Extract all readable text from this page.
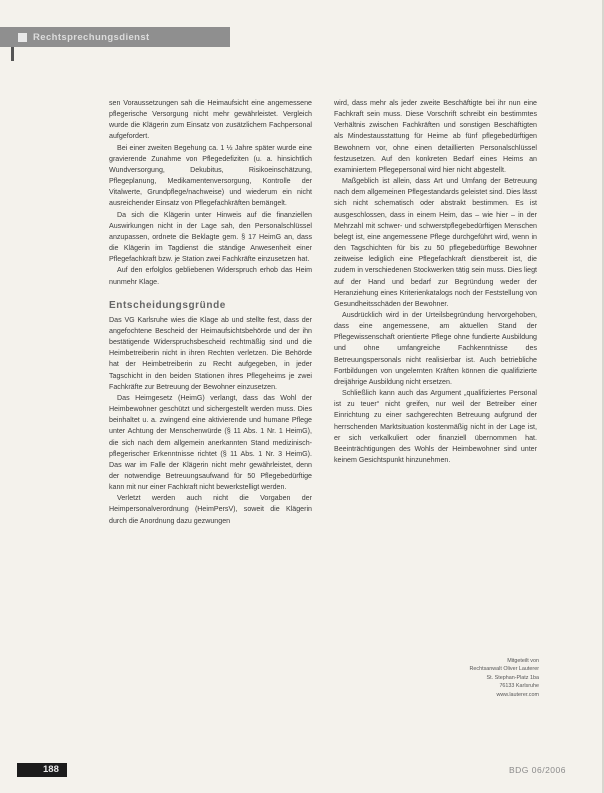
Rechtsprechungsdienst

sen Voraussetzungen sah die Heimaufsicht eine angemessene pflegerische Versorgung nicht mehr gewährleistet. Vergleich wurde die Klägerin zum Einsatz von zusätzlichem Fachpersonal aufgefordert.

Bei einer zweiten Begehung ca. 1 ½ Jahre später wurde eine gravierende Zunahme von Pflegedefiziten (u. a. hinsichtlich Wundversorgung, Dekubitus, Risikoeinschätzung, Pflegeplanung, Medikamentenversorgung, Kontrolle der Vitalwerte, Grundpflege/nachweise) und wiederum ein nicht ausreichender Einsatz von Pflegefachkräften bemängelt.

Da sich die Klägerin unter Hinweis auf die finanziellen Auswirkungen nicht in der Lage sah, den Personalschlüssel anzupassen, ordnete die Beklagte gem. § 17 HeimG an, dass die Klägerin im Tagdienst die ständige Anwesenheit einer Pflegefachkraft bzw. je Station zwei Fachkräfte einzusetzen hat.

Auf den erfolglos gebliebenen Widerspruch erhob das Heim nunmehr Klage.

Entscheidungsgründe

Das VG Karlsruhe wies die Klage ab und stellte fest, dass der angefochtene Bescheid der Heimaufsichtsbehörde und der ihn bestätigende Widerspruchsbescheid rechtmäßig sind und die Heimbetreiberin nicht in ihren Rechten verletzen. Die Behörde hat der Heimbetreiberin zu Recht aufgegeben, in jeder Tagschicht in den beiden Stationen ihres Pflegeheims je zwei Fachkräfte zur Betreuung der Bewohner einzusetzen.

Das Heimgesetz (HeimG) verlangt, dass das Wohl der Heimbewohner geschützt und sichergestellt werden muss. Dies beinhaltet u. a. zwingend eine aktivierende und humane Pflege unter Achtung der Menschenwürde (§ 11 Abs. 1 Nr. 1 HeimG), die sich nach dem allgemein anerkannten Stand medizinisch-pflegerischer Erkenntnisse richtet (§ 11 Abs. 1 Nr. 3 HeimG). Das war im Falle der Klägerin nicht mehr gewährleistet, denn der notwendige Betreuungsaufwand für 50 Pflegebedürftige kann mit nur einer Fachkraft nicht bewerkstelligt werden.

Verletzt werden auch nicht die Vorgaben der Heimpersonalverordnung (HeimPersV), soweit die Klägerin durch die Anordnung dazu gezwungen

wird, dass mehr als jeder zweite Beschäftigte bei ihr nun eine Fachkraft sein muss. Diese Vorschrift schreibt ein bestimmtes Verhältnis zwischen Fachkräften und sonstigen Beschäftigten als Mindestausstattung für Heime ab fünf pflegebedürftigen Bewohnern vor, ohne einen detaillierten Personalschlüssel festzusetzen. Auf den konkreten Bedarf eines Heims an examiniertem Pflegepersonal wird hier nicht abgestellt.

Maßgeblich ist allein, dass Art und Umfang der Betreuung nach dem allgemeinen Pflegestandards geleistet sind. Dies lässt sich nicht schematisch oder abstrakt bestimmen. Es ist ausgeschlossen, dass in einem Heim, das – wie hier – in der Mehrzahl mit schwer- und schwerstpflegebedürftigen Menschen belegt ist, eine angemessene Pflege durchgeführt wird, wenn in den Tagschichten für bis zu 50 pflegebedürftige Bewohner zeitweise lediglich eine Pflegefachkraft dienstbereit ist, die zudem in verschiedenen Stockwerken tätig sein muss. Dies liegt auf der Hand und bedarf zur Begründung weder der Heranziehung eines Kriterienkatalogs noch der Feststellung von Gesundheitsschäden der Bewohner.

Ausdrücklich wird in der Urteilsbegründung hervorgehoben, dass eine angemessene, am aktuellen Stand der Pflegewissenschaft orientierte Pflege ohne fundierte Ausbildung und ohne umfangreiche Fachkenntnisse des Betreuungspersonals nicht realisierbar ist. Auch betriebliche Fortbildungen von ungelernten Kräften können die qualifizierte dreijährige Ausbildung nicht ersetzen.

Schließlich kann auch das Argument „qualifiziertes Personal ist zu teuer“ nicht greifen, nur weil der Betreiber einer Einrichtung zu einer sachgerechten Betreuung aufgrund der herrschenden Marktsituation kostenmäßig nicht in der Lage ist, er sich verkalkuliert oder finanziell übernommen hat. Beeinträchtigungen des Wohls der Heimbewohner sind unter keinem Gesichtspunkt hinzunehmen.

Mitgeteilt von
Rechtsanwalt Oliver Lauterer
St. Stephan-Platz 1ba
76133 Karlsruhe
www.lauterer.com
188	BDG 06/2006
